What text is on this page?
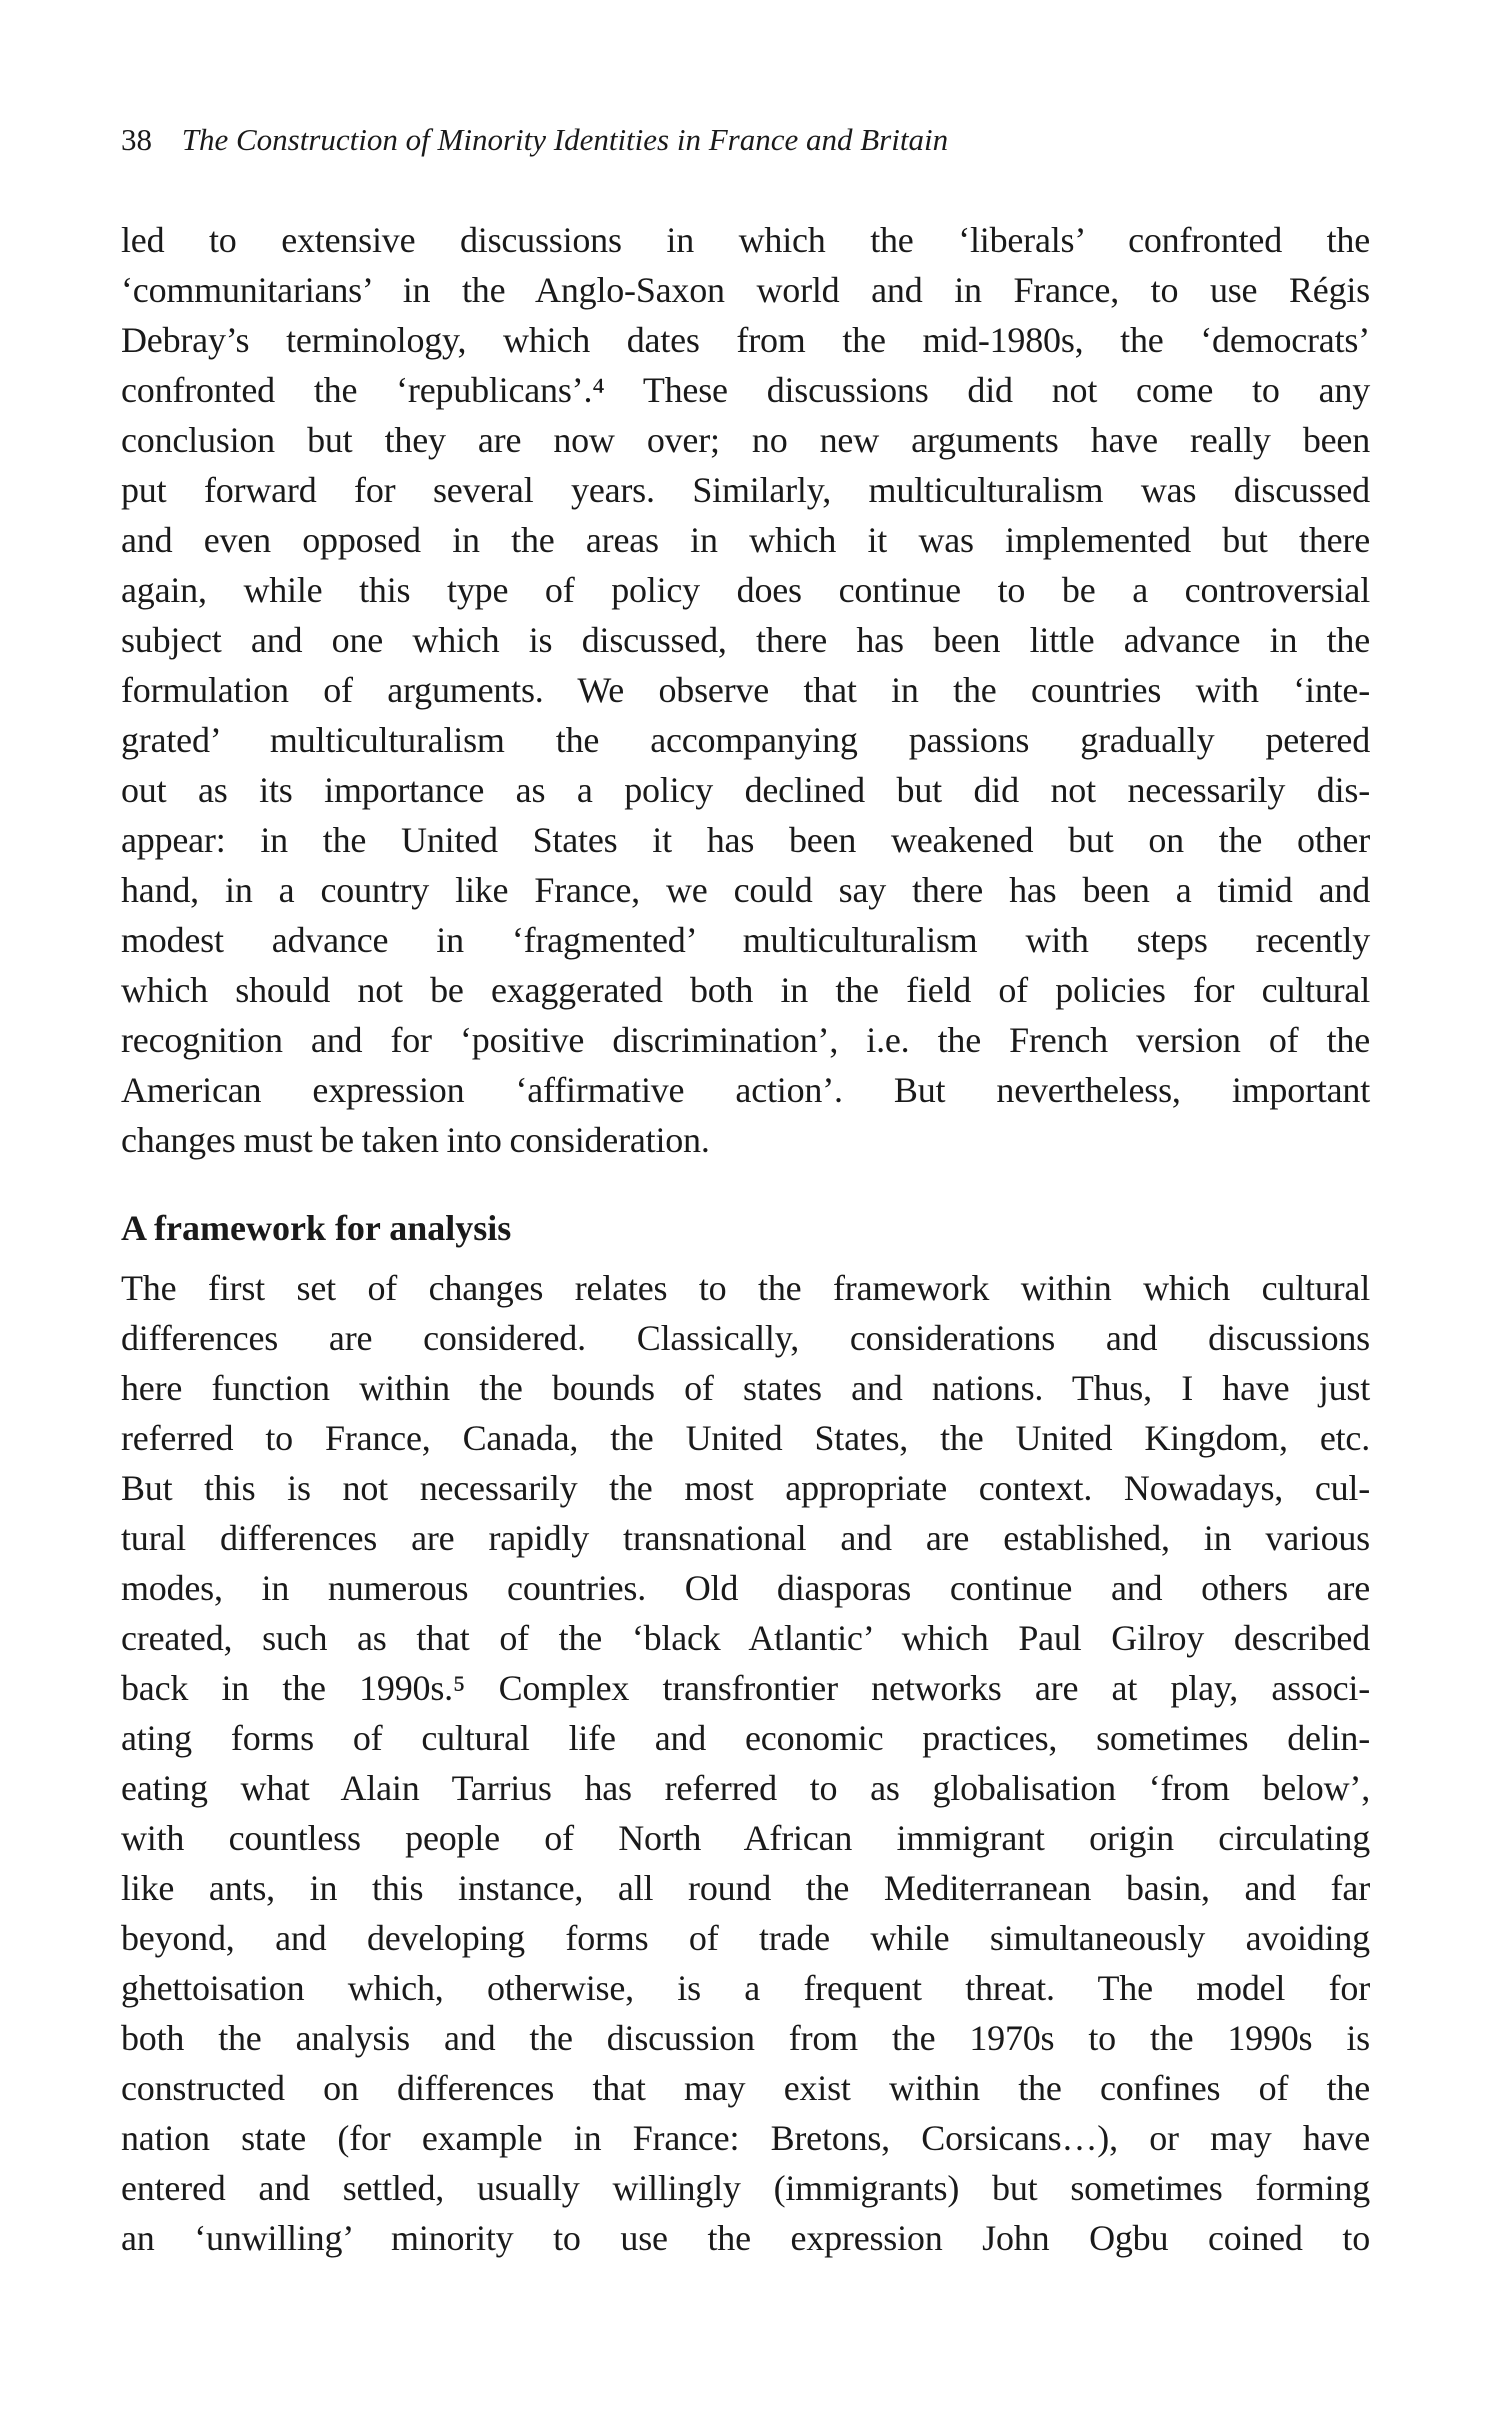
38 The Construction of Minority Identities in France and Britain
led to extensive discussions in which the ‘liberals’ confronted the
‘communitarians’ in the Anglo-Saxon world and in France, to use Régis
Debray’s terminology, which dates from the mid-1980s, the ‘democrats’
confronted the ‘republicans’.⁴ These discussions did not come to any
conclusion but they are now over; no new arguments have really been
put forward for several years. Similarly, multiculturalism was discussed
and even opposed in the areas in which it was implemented but there
again, while this type of policy does continue to be a controversial
subject and one which is discussed, there has been little advance in the
formulation of arguments. We observe that in the countries with ‘inte-
grated’ multiculturalism the accompanying passions gradually petered
out as its importance as a policy declined but did not necessarily dis-
appear: in the United States it has been weakened but on the other
hand, in a country like France, we could say there has been a timid and
modest advance in ‘fragmented’ multiculturalism with steps recently
which should not be exaggerated both in the field of policies for cultural
recognition and for ‘positive discrimination’, i.e. the French version of the
American expression ‘affirmative action’. But nevertheless, important
changes must be taken into consideration.
A framework for analysis
The first set of changes relates to the framework within which cultural
differences are considered. Classically, considerations and discussions
here function within the bounds of states and nations. Thus, I have just
referred to France, Canada, the United States, the United Kingdom, etc.
But this is not necessarily the most appropriate context. Nowadays, cul-
tural differences are rapidly transnational and are established, in various
modes, in numerous countries. Old diasporas continue and others are
created, such as that of the ‘black Atlantic’ which Paul Gilroy described
back in the 1990s.⁵ Complex transfrontier networks are at play, associ-
ating forms of cultural life and economic practices, sometimes delin-
eating what Alain Tarrius has referred to as globalisation ‘from below’,
with countless people of North African immigrant origin circulating
like ants, in this instance, all round the Mediterranean basin, and far
beyond, and developing forms of trade while simultaneously avoiding
ghettoisation which, otherwise, is a frequent threat. The model for
both the analysis and the discussion from the 1970s to the 1990s is
constructed on differences that may exist within the confines of the
nation state (for example in France: Bretons, Corsicans…), or may have
entered and settled, usually willingly (immigrants) but sometimes forming
an ‘unwilling’ minority to use the expression John Ogbu coined to
